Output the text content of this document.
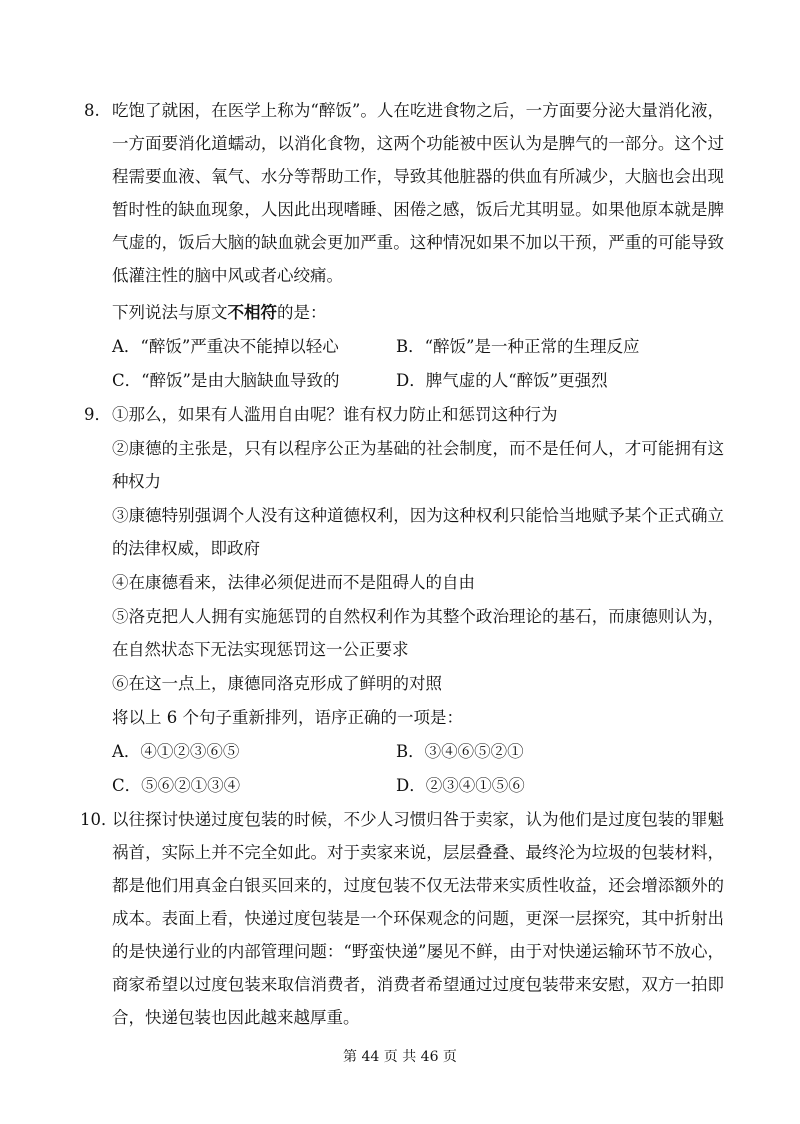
8. 吃饱了就困，在医学上称为“醉饭”。人在吃进食物之后，一方面要分泌大量消化液，一方面要消化道蠕动，以消化食物，这两个功能被中医认为是脾气的一部分。这个过程需要血液、氧气、水分等帮助工作，导致其他脏器的供血有所减少，大脑也会出现暂时性的缺血现象，人因此出现嗜睡、困倦之感，饭后尤其明显。如果他原本就是脾气虚的，饭后大脑的缺血就会更加严重。这种情况如果不加以干预，严重的可能导致低灌注性的脑中风或者心绞痛。
下列说法与原文不相符的是：
A．“醉饭”严重决不能掉以轻心	B．“醉饭”是一种正常的生理反应
C．“醉饭”是由大脑缺血导致的	D．脾气虚的人“醉饭”更强烈
9． ①那么，如果有人滥用自由呢？谁有权力防止和惩罚这种行为
②康德的主张是，只有以程序公正为基础的社会制度，而不是任何人，才可能拥有这种 权力
③康德特别强调个人没有这种道德权利，因为这种权利只能恰当地赋予某个正式确立的 法律权威，即政府
④在康德看来，法律必须促进而不是阻碍人的自由
⑤洛克把人人拥有实施惩罚的自然权利作为其整个政治理论的基石，而康德则认为，在 自然状态下无法实现惩罚这一公正要求
⑥在这一点上，康德同洛克形成了鲜明的对照
将以上 6 个句子重新排列，语序正确的一项是：
A．④①②③⑥⑤	B．③④⑥⑤②①
C．⑤⑥②①③④	D．②③④①⑤⑥
10．
以往探讨快递过度包装的时候，不少人习惯归咎于卖家，认为他们是过度包装的罪魁祸首，实际上并不完全如此。对于卖家来说，层层叠叠、最终沦为垃圾的包装材料，都是他们用真金白银买回来的，过度包装不仅无法带来实质性收益，还会增添额外的成本。表面上看，快递过度包装是一个环保观念的问题，更深一层探究，其中折射出的是快递行业的内部管理问题：“野蛮快递”屡见不鲜，由于对快递运输环节不放心，商家希望以过度包装来取信消费者，消费者希望通过过度包装带来安慰，双方一拍即合，快递包装也因此越来越厚重。
第 44 页 共 46 页
